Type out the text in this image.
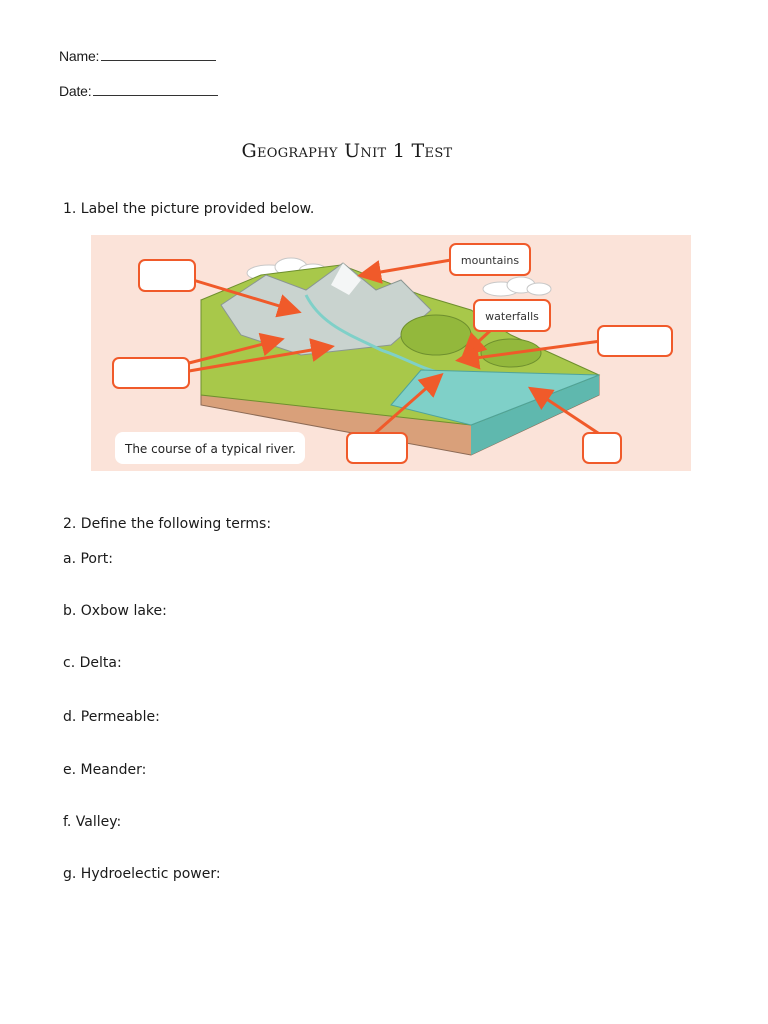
Name:
Date:
Geography Unit 1 Test
1. Label the picture provided below.
mountains
waterfalls
The course of a typical river.
2. Define the following terms:
a. Port:
b. Oxbow lake:
c. Delta:
d. Permeable:
e. Meander:
f. Valley:
g. Hydroelectic power:
